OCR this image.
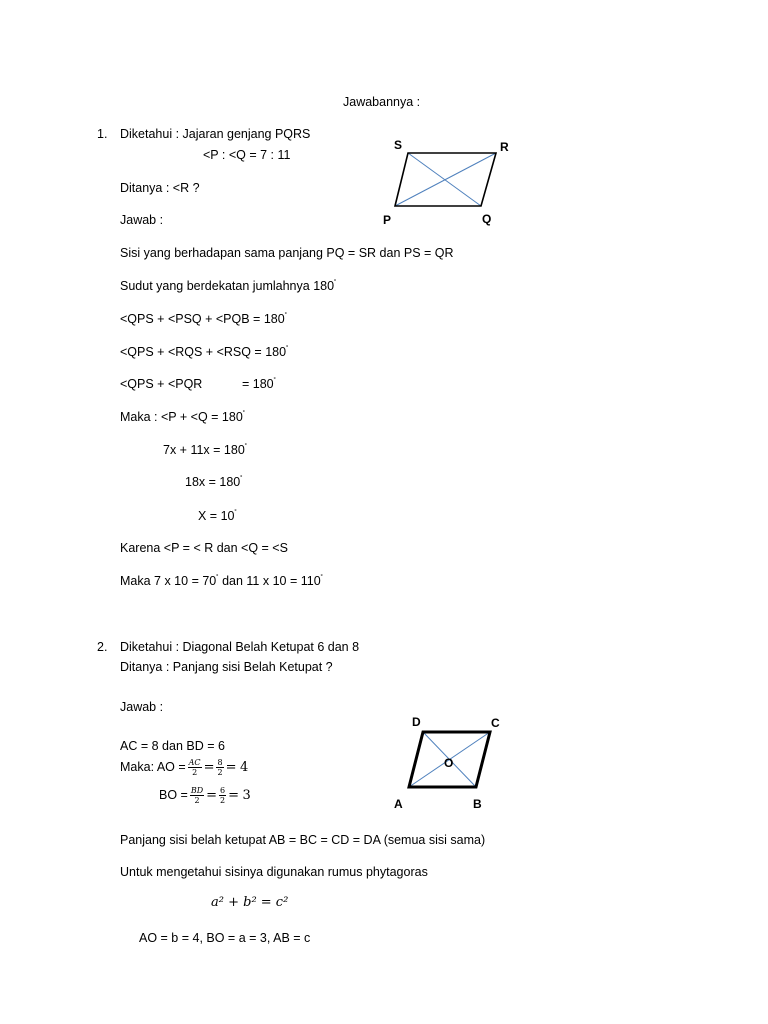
Jawabannya :
1. Diketahui : Jajaran genjang PQRS
<P : <Q = 7 : 11
Ditanya : <R ?
Jawab :
Sisi yang berhadapan sama panjang PQ = SR dan PS = QR
Sudut yang berdekatan jumlahnya 180˚
<QPS + <PSQ + <PQB = 180˚
<QPS + <RQS + <RSQ = 180˚
<QPS + <PQR	= 180˚
Maka : <P + <Q = 180˚
7x + 11x = 180˚
18x = 180˚
X = 10˚
Karena <P = < R dan <Q = <S
Maka 7 x 10 = 70˚ dan 11 x 10 = 110˚
S	R
P	Q
2. Diketahui : Diagonal Belah Ketupat 6 dan 8
Ditanya : Panjang sisi Belah Ketupat ?
Jawab :
AC = 8 dan BD = 6
Maka: AO = $\frac{AC}{2} = \frac{8}{2} = 4$
BO = $\frac{BD}{2} = \frac{6}{2} = 3$
Panjang sisi belah ketupat AB = BC = CD = DA (semua sisi sama)
Untuk mengetahui sisinya digunakan rumus phytagoras
a² + b² = c²
AO = b = 4, BO = a = 3, AB = c
D	C
O
A	B
